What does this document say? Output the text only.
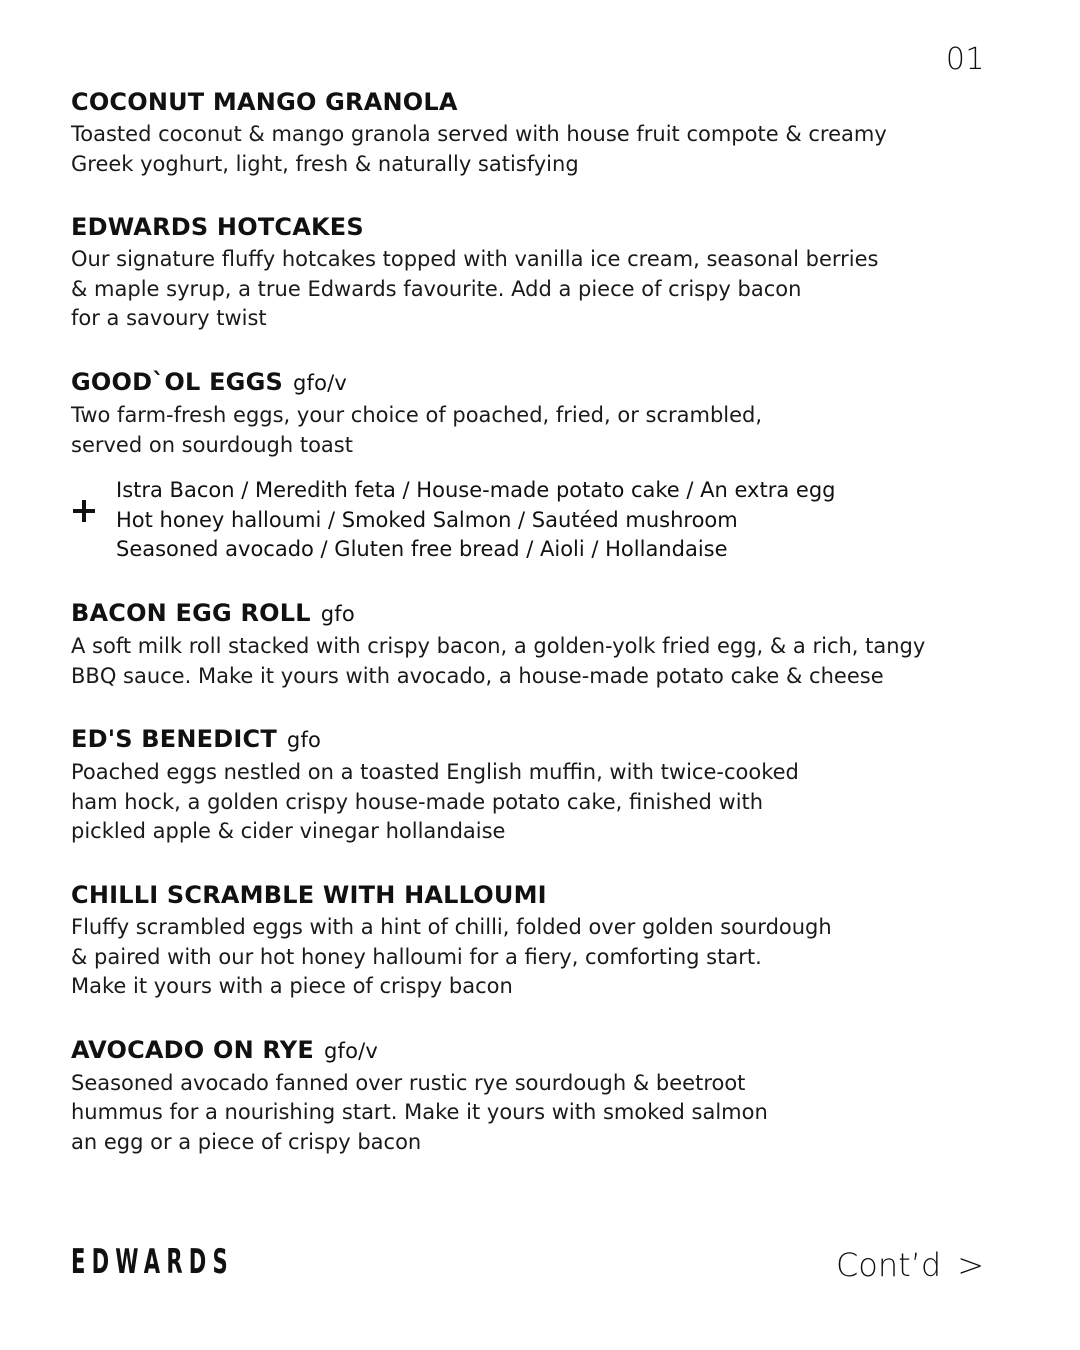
01
COCONUT MANGO GRANOLA

Toasted coconut & mango granola served with house fruit compote & creamy
Greek yoghurt, light, fresh & naturally satisfying

EDWARDS HOTCAKES

Our signature fluffy hotcakes topped with vanilla ice cream, seasonal berries
& maple syrup, a true Edwards favourite. Add a piece of crispy bacon
for a savoury twist

GOOD`OL EGGS gfo/v

Two farm-fresh eggs, your choice of poached, fried, or scrambled,
served on sourdough toast

Istra Bacon / Meredith feta / House-made potato cake / An extra egg
Hot honey halloumi / Smoked Salmon / Sautéed mushroom
Seasoned avocado / Gluten free bread / Aioli / Hollandaise
BACON EGG ROLL gfo

A soft milk roll stacked with crispy bacon, a golden-yolk fried egg, & a rich, tangy
BBQ sauce. Make it yours with avocado, a house-made potato cake & cheese

ED'S BENEDICT gfo

Poached eggs nestled on a toasted English muffin, with twice-cooked
ham hock, a golden crispy house-made potato cake, finished with
pickled apple & cider vinegar hollandaise

CHILLI SCRAMBLE WITH HALLOUMI

Fluffy scrambled eggs with a hint of chilli, folded over golden sourdough
& paired with our hot honey halloumi for a fiery, comforting start.
Make it yours with a piece of crispy bacon

AVOCADO ON RYE gfo/v

Seasoned avocado fanned over rustic rye sourdough & beetroot
hummus for a nourishing start. Make it yours with smoked salmon
an egg or a piece of crispy bacon

EDWARDS	Cont’d >
